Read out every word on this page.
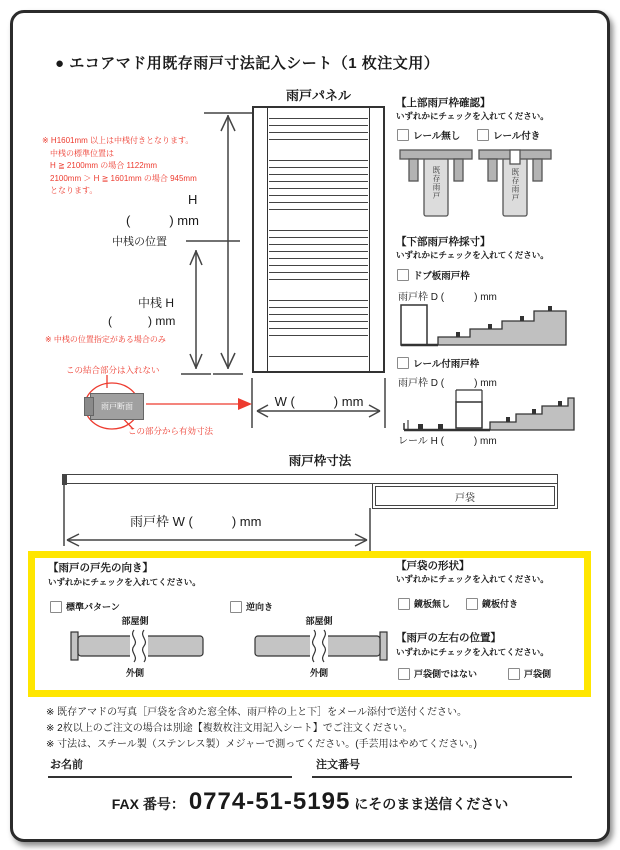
● エコアマド用既存雨戸寸法記入シート（1 枚注文用）
雨戸パネル
H
(　　　) mm
中桟の位置
中桟 H
(　　　) mm
W (　　　) mm
※ H1601mm 以上は中桟付きとなります。
中桟の標準位置は
H ≧ 2100mm の場合 1122mm
2100mm ＞ H ≧ 1601mm の場合 945mm
となります。
※ 中桟の位置指定がある場合のみ
この結合部分は入れない
雨戸断面
この部分から有効寸法
【上部雨戸枠確認】
いずれかにチェックを入れてください。
レール無し	レール付き
既存雨戸	既存雨戸
【下部雨戸枠採寸】
いずれかにチェックを入れてください。
ドブ板雨戸枠
雨戸枠 D (　　　) mm
レール付雨戸枠
雨戸枠 D (　　　) mm
レール H (　　　) mm
雨戸枠寸法
戸袋
雨戸枠 W (　　　) mm
【雨戸の戸先の向き】
いずれかにチェックを入れてください。
標準パターン	逆向き
部屋側
外側
部屋側
外側
【戸袋の形状】
いずれかにチェックを入れてください。
鏡板無し	鏡板付き
【雨戸の左右の位置】
いずれかにチェックを入れてください。
戸袋側ではない	戸袋側
※ 既存アマドの写真［戸袋を含めた窓全体、雨戸枠の上と下］をメール添付で送付ください。
※ 2枚以上のご注文の場合は別途【複数枚注文用記入シート】でご注文ください。
※ 寸法は、スチール製（ステンレス製）メジャーで測ってください。(手芸用はやめてください。)
お名前	注文番号
FAX 番号： 0774-51-5195 にそのまま送信ください
